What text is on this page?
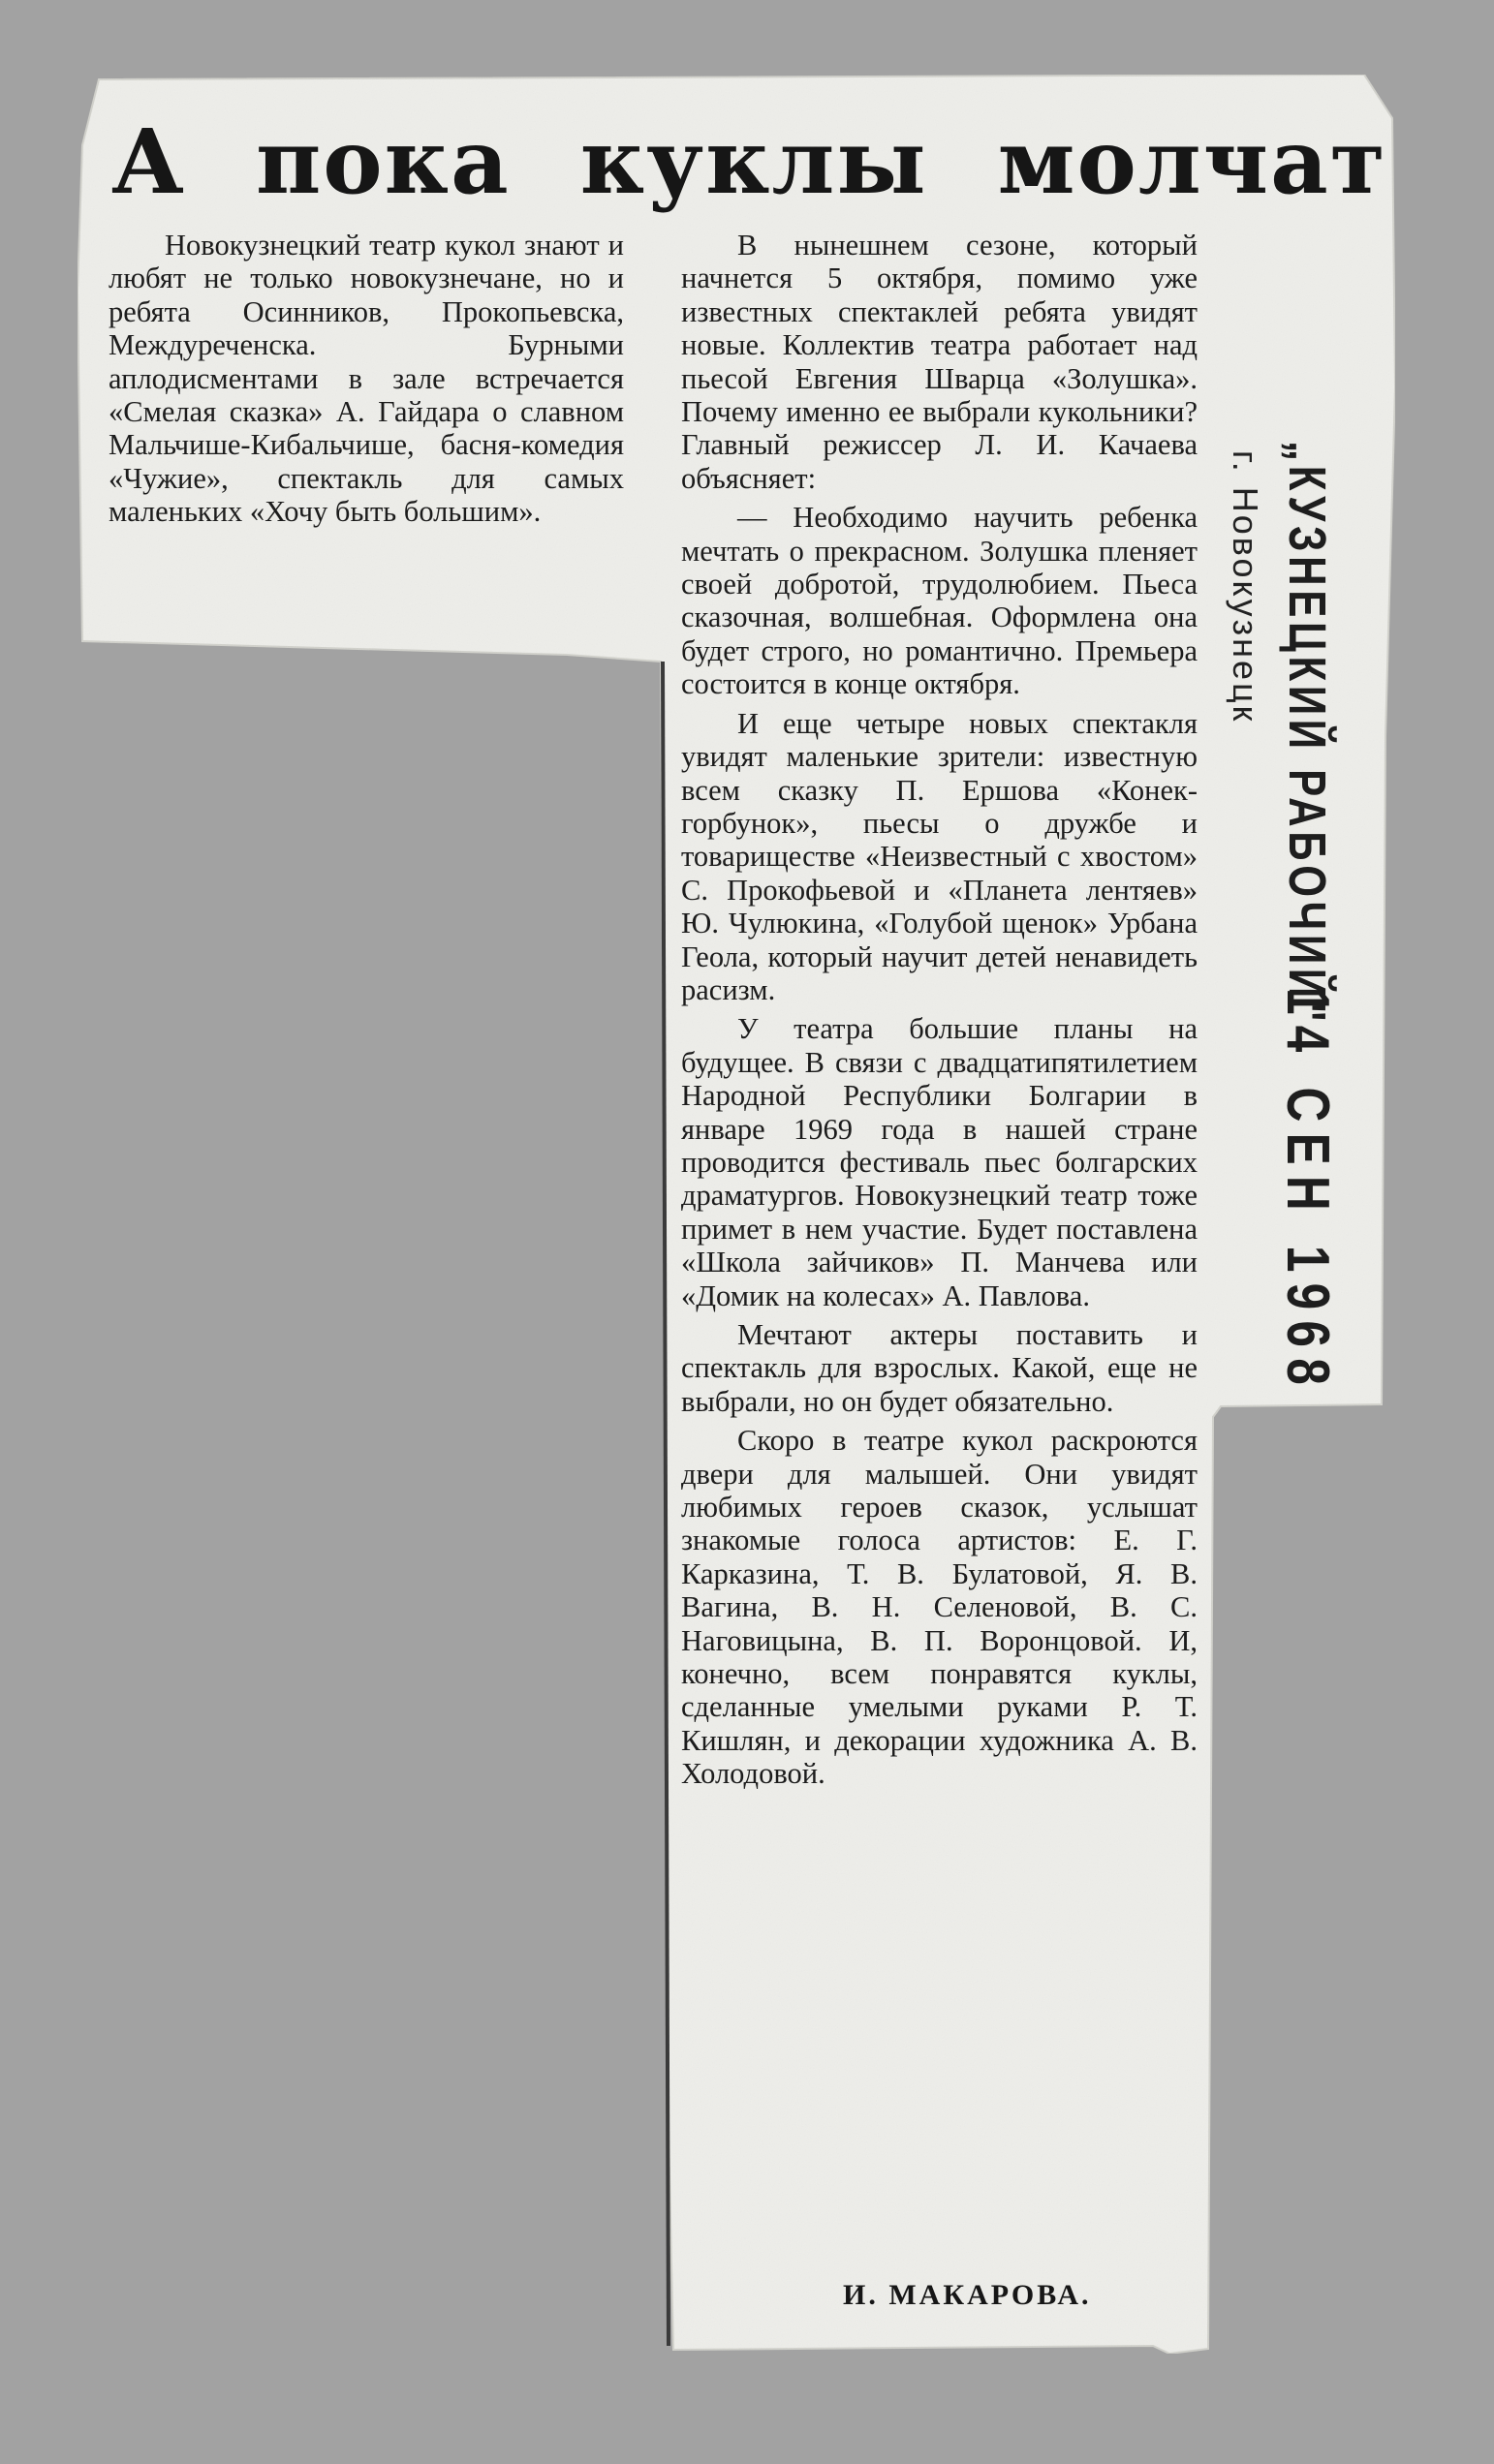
А пока куклы молчат

Новокузнецкий театр кукол знают и любят не только новокузнечане, но и ребята Осинников, Прокопьевска, Междуреченска. Бурными аплодисментами в зале встречается «Смелая сказка» А. Гайдара о славном Мальчише-Кибальчише, басня-комедия «Чужие», спектакль для самых маленьких «Хочу быть большим».

В нынешнем сезоне, который начнется 5 октября, помимо уже известных спектаклей ребята увидят новые. Коллектив театра работает над пьесой Евгения Шварца «Золушка». Почему именно ее выбрали кукольники? Главный режиссер Л. И. Качаева объясняет:

— Необходимо научить ребенка мечтать о прекрасном. Золушка пленяет своей добротой, трудолюбием. Пьеса сказочная, волшебная. Оформлена она будет строго, но романтично. Премьера состоится в конце октября.

И еще четыре новых спектакля увидят маленькие зрители: известную всем сказку П. Ершова «Конек-горбунок», пьесы о дружбе и товариществе «Неизвестный с хвостом» С. Прокофьевой и «Планета лентяев» Ю. Чулюкина, «Голубой щенок» Урбана Геола, который научит детей ненавидеть расизм.

У театра большие планы на будущее. В связи с двадцатипятилетием Народной Республики Болгарии в январе 1969 года в нашей стране проводится фестиваль пьес болгарских драматургов. Новокузнецкий театр тоже примет в нем участие. Будет поставлена «Школа зайчиков» П. Манчева или «Домик на колесах» А. Павлова.

Мечтают актеры поставить и спектакль для взрослых. Какой, еще не выбрали, но он будет обязательно.

Скоро в театре кукол раскроются двери для малышей. Они увидят любимых героев сказок, услышат знакомые голоса артистов: Е. Г. Карказина, Т. В. Булатовой, Я. В. Вагина, В. Н. Селеновой, В. С. Наговицына, В. П. Воронцовой. И, конечно, всем понравятся куклы, сделанные умелыми руками Р. Т. Кишлян, и декорации художника А. В. Холодовой.

И. МАКАРОВА.
„КУЗНЕЦКИЙ РАБОЧИЙ"
14 СЕН 1968
г. Новокузнецк
